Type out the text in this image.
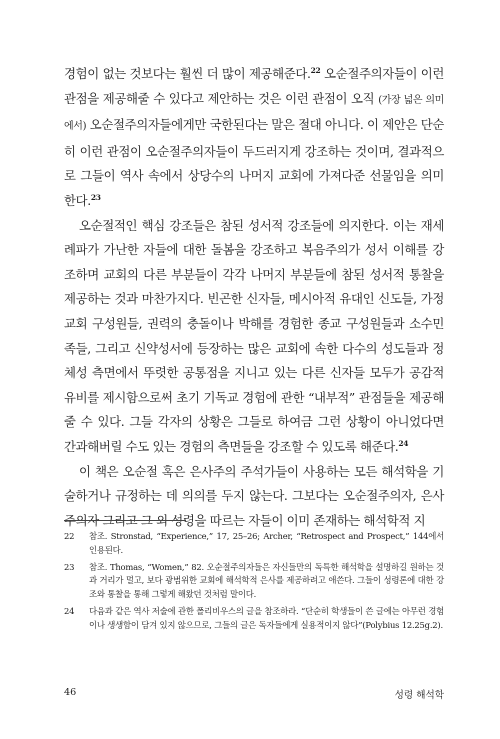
경험이 없는 것보다는 훨씬 더 많이 제공해준다.$^{22}$ 오순절주의자들이 이런 관점을 제공해줄 수 있다고 제안하는 것은 이런 관점이 오직 (가장 넓은 의미에서) 오순절주의자들에게만 국한된다는 말은 절대 아니다. 이 제안은 단순히 이런 관점이 오순절주의자들이 두드러지게 강조하는 것이며, 결과적으로 그들이 역사 속에서 상당수의 나머지 교회에 가져다준 선물임을 의미한다.$^{23}$

오순절적인 핵심 강조들은 참된 성서적 강조들에 의지한다. 이는 재세례파가 가난한 자들에 대한 돌봄을 강조하고 복음주의가 성서 이해를 강조하며 교회의 다른 부분들이 각각 나머지 부분들에 참된 성서적 통찰을 제공하는 것과 마찬가지다. 빈곤한 신자들, 메시아적 유대인 신도들, 가정교회 구성원들, 권력의 충돌이나 박해를 경험한 종교 구성원들과 소수민족들, 그리고 신약성서에 등장하는 많은 교회에 속한 다수의 성도들과 정체성 측면에서 뚜렷한 공통점을 지니고 있는 다른 신자들 모두가 공감적 유비를 제시함으로써 초기 기독교 경험에 관한 “내부적” 관점들을 제공해줄 수 있다. 그들 각자의 상황은 그들로 하여금 그런 상황이 아니었다면 간과해버릴 수도 있는 경험의 측면들을 강조할 수 있도록 해준다.$^{24}$

이 책은 오순절 혹은 은사주의 주석가들이 사용하는 모든 해석학을 기술하거나 규정하는 데 의의를 두지 않는다. 그보다는 오순절주의자, 은사주의자 그리고 그 외 성령을 따르는 자들이 이미 존재하는 해석학적 지

22	참조. Stronstad, “Experience,” 17, 25–26; Archer, “Retrospect and Prospect,” 144에서 인용된다.
23	참조. Thomas, “Women,” 82. 오순절주의자들은 자신들만의 독특한 해석학을 설명하길 원하는 것과 거리가 멀고, 보다 광범위한 교회에 해석학적 은사를 제공하려고 애쓴다. 그들이 성령론에 대한 강조와 통찰을 통해 그렇게 해왔던 것처럼 말이다.
24	다음과 같은 역사 저술에 관한 폴리비우스의 글을 참조하라. “단순히 학생들이 쓴 글에는 아무런 경험이나 생생함이 담겨 있지 않으므로, 그들의 글은 독자들에게 실용적이지 않다”(Polybius 12.25g.2).
46	성령 해석학
